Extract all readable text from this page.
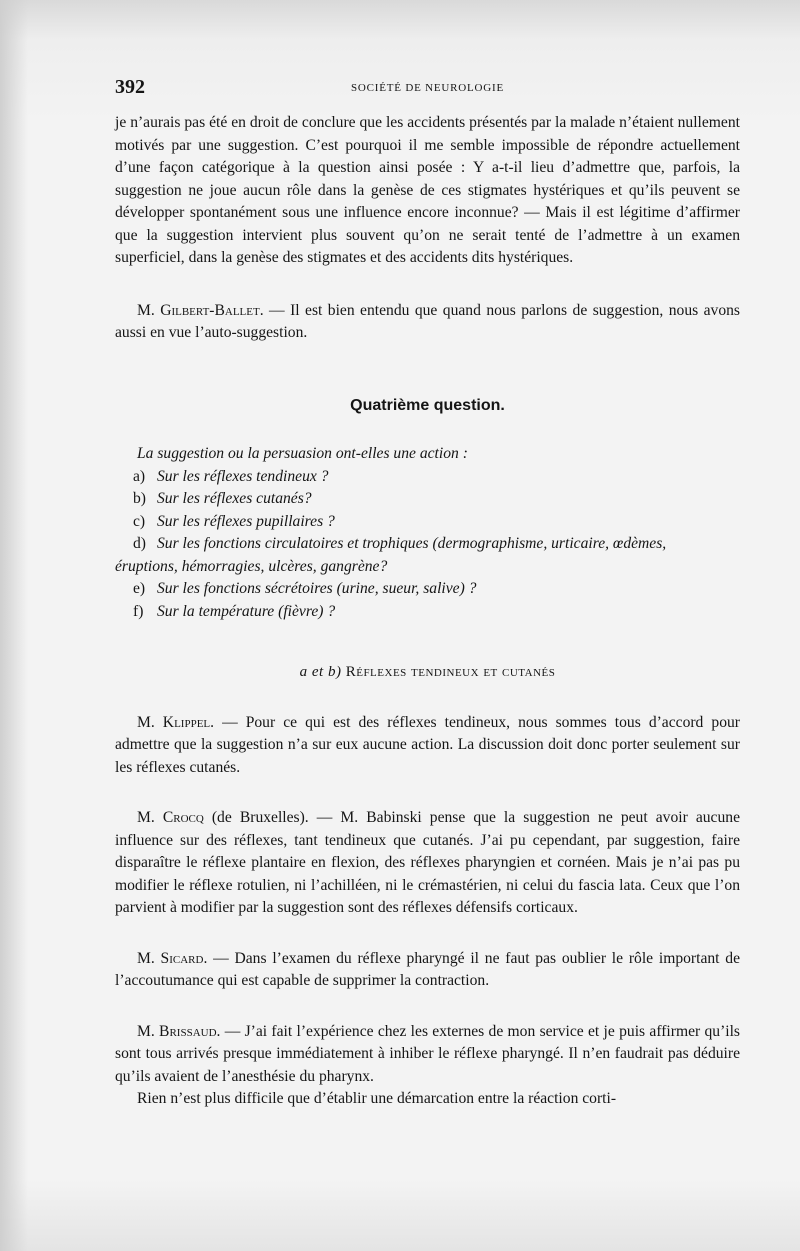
392	SOCIÉTÉ DE NEUROLOGIE

je n’aurais pas été en droit de conclure que les accidents présentés par la malade n’étaient nullement motivés par une suggestion. C’est pourquoi il me semble impossible de répondre actuellement d’une façon catégorique à la question ainsi posée : Y a-t-il lieu d’admettre que, parfois, la suggestion ne joue aucun rôle dans la genèse de ces stigmates hystériques et qu’ils peuvent se développer spontanément sous une influence encore inconnue? — Mais il est légitime d’affirmer que la suggestion intervient plus souvent qu’on ne serait tenté de l’admettre à un examen superficiel, dans la genèse des stigmates et des accidents dits hystériques.

M. Gilbert-Ballet. — Il est bien entendu que quand nous parlons de suggestion, nous avons aussi en vue l’auto-suggestion.

Quatrième question.

La suggestion ou la persuasion ont-elles une action :

a) Sur les réflexes tendineux ?
b) Sur les réflexes cutanés?
c) Sur les réflexes pupillaires ?
d) Sur les fonctions circulatoires et trophiques (dermographisme, urticaire, œdèmes,
éruptions, hémorragies, ulcères, gangrène?
e) Sur les fonctions sécrétoires (urine, sueur, salive) ?
f) Sur la température (fièvre) ?

a et b) Réflexes tendineux et cutanés

M. Klippel. — Pour ce qui est des réflexes tendineux, nous sommes tous d’accord pour admettre que la suggestion n’a sur eux aucune action. La discussion doit donc porter seulement sur les réflexes cutanés.

M. Crocq (de Bruxelles). — M. Babinski pense que la suggestion ne peut avoir aucune influence sur des réflexes, tant tendineux que cutanés. J’ai pu cependant, par suggestion, faire disparaître le réflexe plantaire en flexion, des réflexes pharyngien et cornéen. Mais je n’ai pas pu modifier le réflexe rotulien, ni l’achilléen, ni le crémastérien, ni celui du fascia lata. Ceux que l’on parvient à modifier par la suggestion sont des réflexes défensifs corticaux.

M. Sicard. — Dans l’examen du réflexe pharyngé il ne faut pas oublier le rôle important de l’accoutumance qui est capable de supprimer la contraction.

M. Brissaud. — J’ai fait l’expérience chez les externes de mon service et je puis affirmer qu’ils sont tous arrivés presque immédiatement à inhiber le réflexe pharyngé. Il n’en faudrait pas déduire qu’ils avaient de l’anesthésie du pharynx.

Rien n’est plus difficile que d’établir une démarcation entre la réaction corti-
